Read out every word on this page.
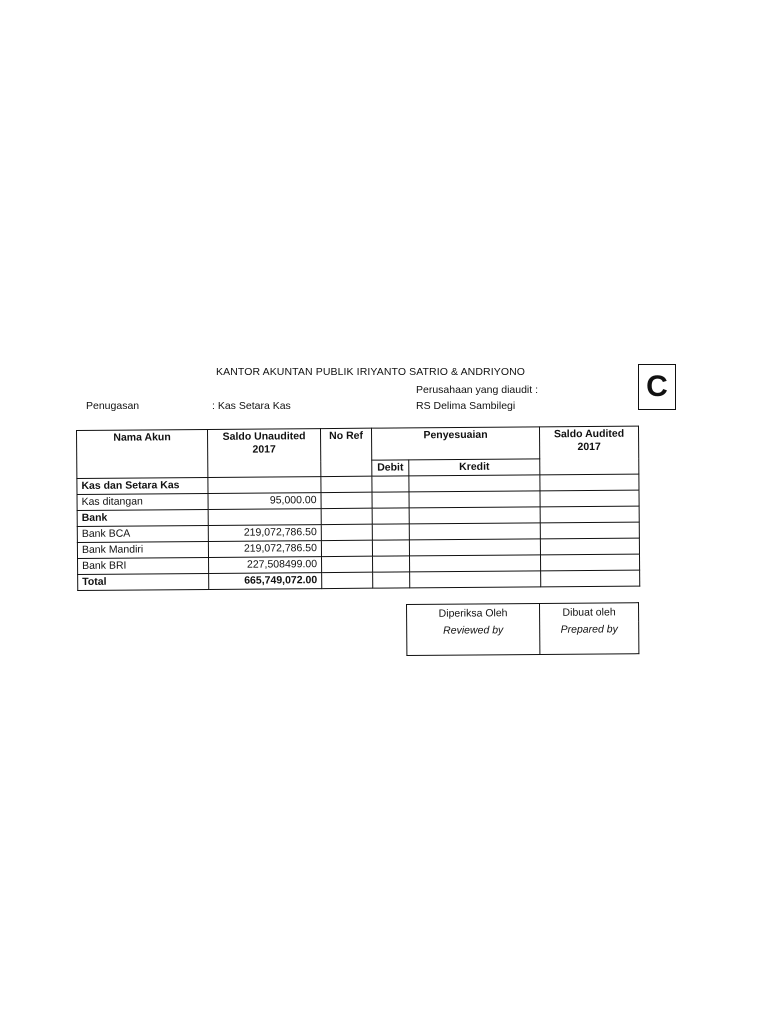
KANTOR AKUNTAN PUBLIK IRIYANTO SATRIO & ANDRIYONO
Perusahaan yang diaudit :
RS Delima Sambilegi
Penugasan	: Kas Setara Kas
C
Nama Akun	Saldo Unaudited 2017	No Ref	Penyesuaian		Saldo Audited 2017
			Debit	Kredit	
Kas dan Setara Kas					
Kas ditangan	95,000.00				
Bank					
Bank BCA	219,072,786.50				
Bank Mandiri	219,072,786.50				
Bank BRI	227,508499.00				
Total	665,749,072.00				
Diperiksa Oleh	Dibuat oleh
Reviewed by	Prepared by
